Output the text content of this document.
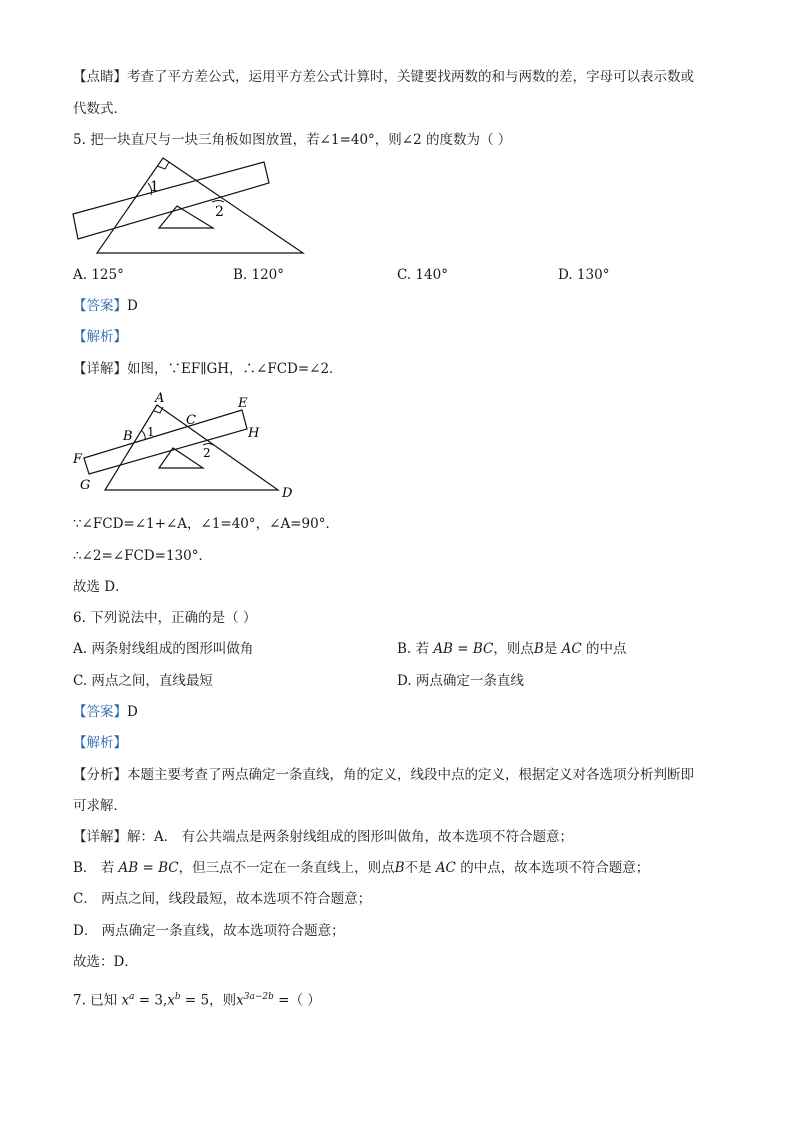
【点睛】考查了平方差公式，运用平方差公式计算时，关键要找两数的和与两数的差，字母可以表示数或
代数式．
5. 把一块直尺与一块三角板如图放置，若∠1=40°，则∠2 的度数为（ ）
1
2
A. 125°	B. 120°	C. 140°	D. 130°
【答案】D
【解析】
【详解】如图，∵EF∥GH，∴∠FCD=∠2．
A
B
C
D
E
F
G
H
1
2
∵∠FCD=∠1+∠A，∠1=40°，∠A=90°．
∴∠2=∠FCD=130°．
故选 D．
6. 下列说法中，正确的是（ ）
A. 两条射线组成的图形叫做角	B. 若 AB = BC，则点B是 AC 的中点
C. 两点之间，直线最短	D. 两点确定一条直线
【答案】D
【解析】
【分析】本题主要考查了两点确定一条直线，角的定义，线段中点的定义，根据定义对各选项分析判断即
可求解．
【详解】解：A． 有公共端点是两条射线组成的图形叫做角，故本选项不符合题意；
B． 若 AB = BC，但三点不一定在一条直线上，则点B不是 AC 的中点，故本选项不符合题意；
C． 两点之间，线段最短，故本选项不符合题意；
D． 两点确定一条直线，故本选项符合题意；
故选：D．
7. 已知 $x^a = 3,x^b = 5$，则$x^{3a-2b}$ =（ ）
